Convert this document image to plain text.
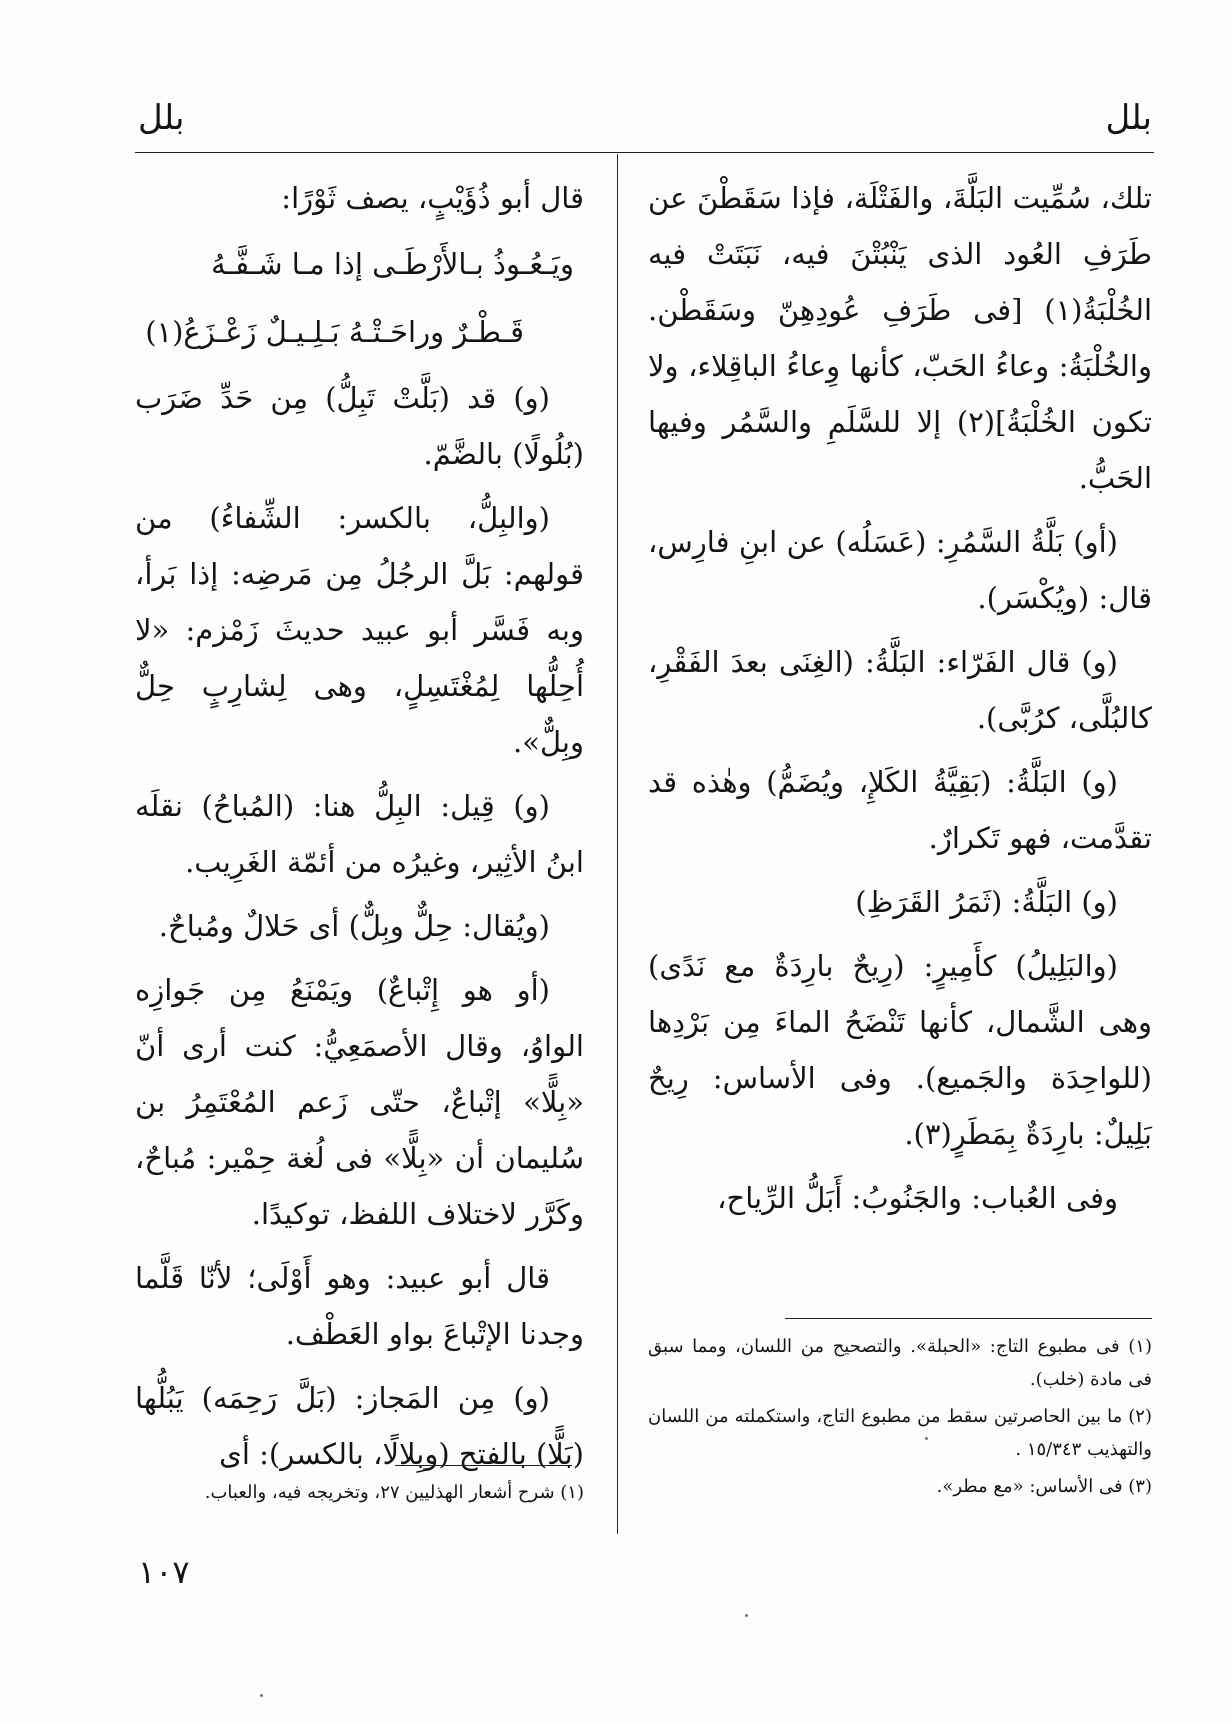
بلل
بلل

تلك، سُمِّيت البَلَّةَ، والفَتْلَة، فإذا سَقَطْنَ عن طَرَفِ العُود الذى يَنْبُتْنَ فيه، نَبَتَتْ فيه الخُلْبَةُ(١) [فى طَرَفِ عُودِهِنّ وسَقَطْن. والخُلْبَةُ: وعاءُ الحَبّ، كأنها وِعاءُ الباقِلاء، ولا تكون الخُلْبَةُ](٢) إلا للسَّلَمِ والسَّمُر وفيها الحَبُّ.

(أو) بَلَّةُ السَّمُرِ: (عَسَلُه) عن ابنِ فارِس، قال: (ويُكْسَر).

(و) قال الفَرّاء: البَلَّةُ: (الغِنَى بعدَ الفَقْرِ، كالبُلَّى، كرُبَّى).

(و) البَلَّةُ: (بَقِيَّةُ الكَلإِ، ويُضَمُّ) وهٰذه قد تقدَّمت، فهو تَكرارٌ.

(و) البَلَّةُ: (ثَمَرُ القَرَظِ)

(والبَلِيلُ) كأَمِيرٍ: (رِيحٌ بارِدَةٌ مع نَدًى) وهى الشَّمال، كأنها تَنْضَحُ الماءَ مِن بَرْدِها (للواحِدَة والجَميع). وفى الأساس: رِيحٌ بَلِيلٌ: بارِدَةٌ بِمَطَرٍ(٣).

وفى العُباب: والجَنُوبُ: أَبَلُّ الرِّياح،

قال أبو ذُؤَيْبٍ، يصف ثَوْرًا:

ويَـعُـوذُ بـالأَرْطَـى إذا مـا شَـفَّـهُ

قَـطْـرٌ وراحَـتْـهُ بَـلِـيـلٌ زَعْـزَعُ(١)

(و) قد (بَلَّتْ تَبِلُّ) مِن حَدِّ ضَرَب (بُلُولًا) بالضَّمّ.

(والبِلُّ، بالكسر: الشِّفاءُ) من قولهم: بَلَّ الرجُلُ مِن مَرضِه: إذا بَرأ، وبه فَسَّر أبو عبيد حديثَ زَمْزم: «لا أُحِلُّها لِمُغْتَسِلٍ، وهى لِشارِبٍ حِلٌّ وبِلٌّ».

(و) قِيل: البِلُّ هنا: (المُباحُ) نقلَه ابنُ الأثِير، وغيرُه من أئمّة الغَرِيب.

(ويُقال: حِلٌّ وبِلٌّ) أى حَلالٌ ومُباحٌ.

(أو هو إِتْباعٌ) ويَمْنَعُ مِن جَوازِه الواوُ، وقال الأصمَعِيُّ: كنت أرى أنّ «بِلًّا» إتْباعٌ، حتّى زَعم المُعْتَمِرُ بن سُليمان أن «بِلًّا» فى لُغة حِمْير: مُباحٌ، وكَرَّر لاختلاف اللفظ، توكيدًا.

قال أبو عبيد: وهو أَوْلَى؛ لأنّا قَلَّما وجدنا الإتْباعَ بواو العَطْف.

(و) مِن المَجاز: (بَلَّ رَحِمَه) يَبُلُّها (بَلًّا) بالفتح (وبِلالًا، بالكسر): أى

(١) فى مطبوع التاج: «الحبلة». والتصحيح من اللسان، ومما سبق فى مادة (خلب).

(٢) ما بين الحاصرتين سقط من مطبوع التاج، واستكملته من اللسان والتهذيب ١٥/٣٤٣ .

(٣) فى الأساس: «مع مطر».

(١) شرح أشعار الهذليين ٢٧، وتخريجه فيه، والعباب.

١٠٧
